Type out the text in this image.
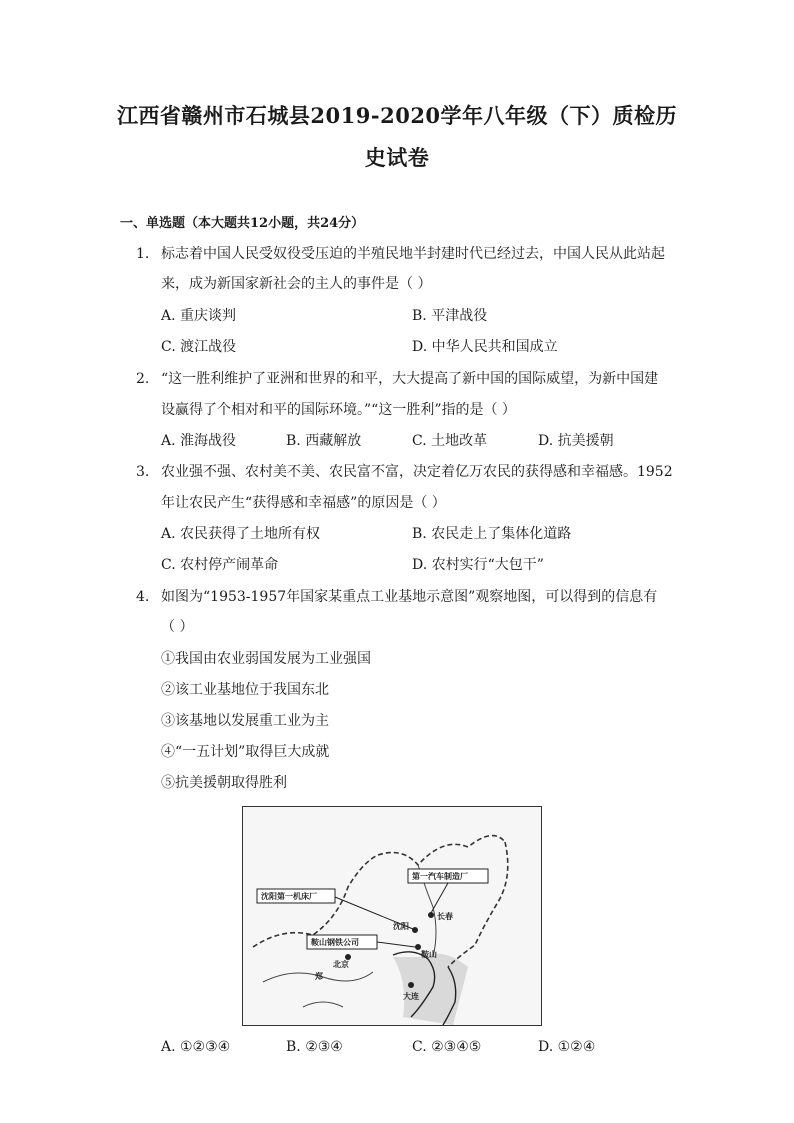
江西省赣州市石城县2019-2020学年八年级（下）质检历
史试卷
一、单选题（本大题共12小题，共24分）
1. 标志着中国人民受奴役受压迫的半殖民地半封建时代已经过去，中国人民从此站起
来，成为新国家新社会的主人的事件是（ ）
A. 重庆谈判	B. 平津战役
C. 渡江战役	D. 中华人民共和国成立
2. “这一胜利维护了亚洲和世界的和平，大大提高了新中国的国际威望，为新中国建
设赢得了个相对和平的国际环境。”“这一胜利”指的是（ ）
A. 淮海战役	B. 西藏解放	C. 土地改革	D. 抗美援朝
3. 农业强不强、农村美不美、农民富不富，决定着亿万农民的获得感和幸福感。1952
年让农民产生“获得感和幸福感”的原因是（ ）
A. 农民获得了土地所有权	B. 农民走上了集体化道路
C. 农村停产闹革命	D. 农村实行“大包干”
4. 如图为“1953-1957年国家某重点工业基地示意图”观察地图，可以得到的信息有
（ ）
①我国由农业弱国发展为工业强国
②该工业基地位于我国东北
③该基地以发展重工业为主
④“一五计划”取得巨大成就
⑤抗美援朝取得胜利
第一汽车制造厂
沈阳第一机床厂
鞍山钢铁公司
长春
沈阳
鞍山
北京
大连
郑
A. ①②③④	B. ②③④	C. ②③④⑤	D. ①②④
